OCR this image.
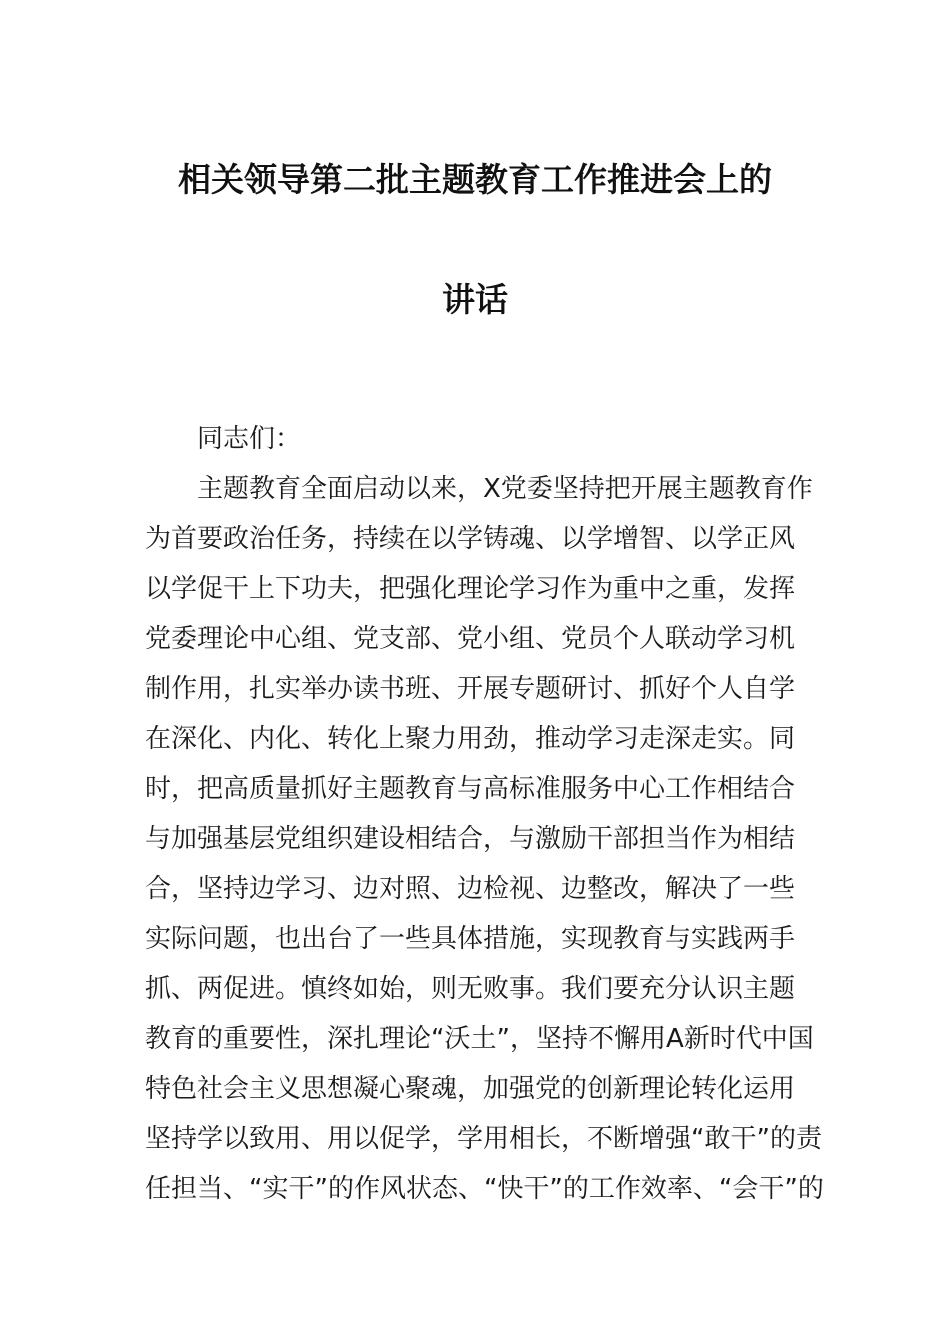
相关领导第二批主题教育工作推进会上的
讲话
同志们：
主题教育全面启动以来，X党委坚持把开展主题教育作
为首要政治任务，持续在以学铸魂、以学增智、以学正风
以学促干上下功夫，把强化理论学习作为重中之重，发挥
党委理论中心组、党支部、党小组、党员个人联动学习机
制作用，扎实举办读书班、开展专题研讨、抓好个人自学
在深化、内化、转化上聚力用劲，推动学习走深走实。同
时，把高质量抓好主题教育与高标准服务中心工作相结合
与加强基层党组织建设相结合，与激励干部担当作为相结
合，坚持边学习、边对照、边检视、边整改，解决了一些
实际问题，也出台了一些具体措施，实现教育与实践两手
抓、两促进。慎终如始，则无败事。我们要充分认识主题
教育的重要性，深扎理论“沃土”，坚持不懈用A新时代中国
特色社会主义思想凝心聚魂，加强党的创新理论转化运用
坚持学以致用、用以促学，学用相长，不断增强“敢干”的责
任担当、“实干”的作风状态、“快干”的工作效率、“会干”的
